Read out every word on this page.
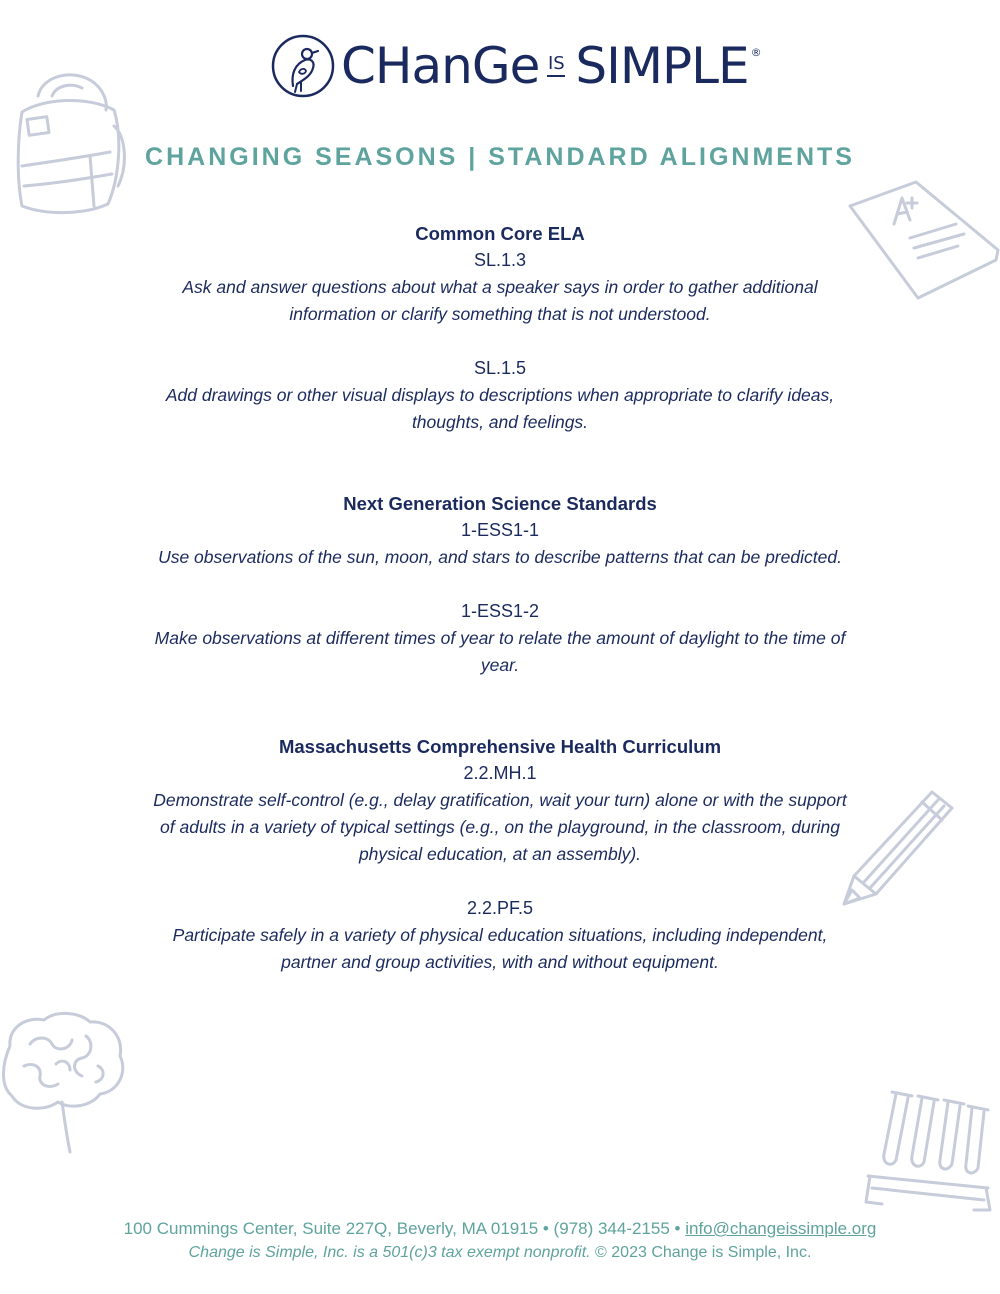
CHanGe IS SIMPLE ®
CHANGING SEASONS | STANDARD ALIGNMENTS
Common Core ELA
SL.1.3
Ask and answer questions about what a speaker says in order to gather additional
information or clarify something that is not understood.
SL.1.5
Add drawings or other visual displays to descriptions when appropriate to clarify ideas,
thoughts, and feelings.
Next Generation Science Standards
1-ESS1-1
Use observations of the sun, moon, and stars to describe patterns that can be predicted.
1-ESS1-2
Make observations at different times of year to relate the amount of daylight to the time of
year.
Massachusetts Comprehensive Health Curriculum
2.2.MH.1
Demonstrate self-control (e.g., delay gratification, wait your turn) alone or with the support
of adults in a variety of typical settings (e.g., on the playground, in the classroom, during
physical education, at an assembly).
2.2.PF.5
Participate safely in a variety of physical education situations, including independent,
partner and group activities, with and without equipment.
100 Cummings Center, Suite 227Q, Beverly, MA 01915 • (978) 344-2155 • info@changeissimple.org
Change is Simple, Inc. is a 501(c)3 tax exempt nonprofit. © 2023 Change is Simple, Inc.
